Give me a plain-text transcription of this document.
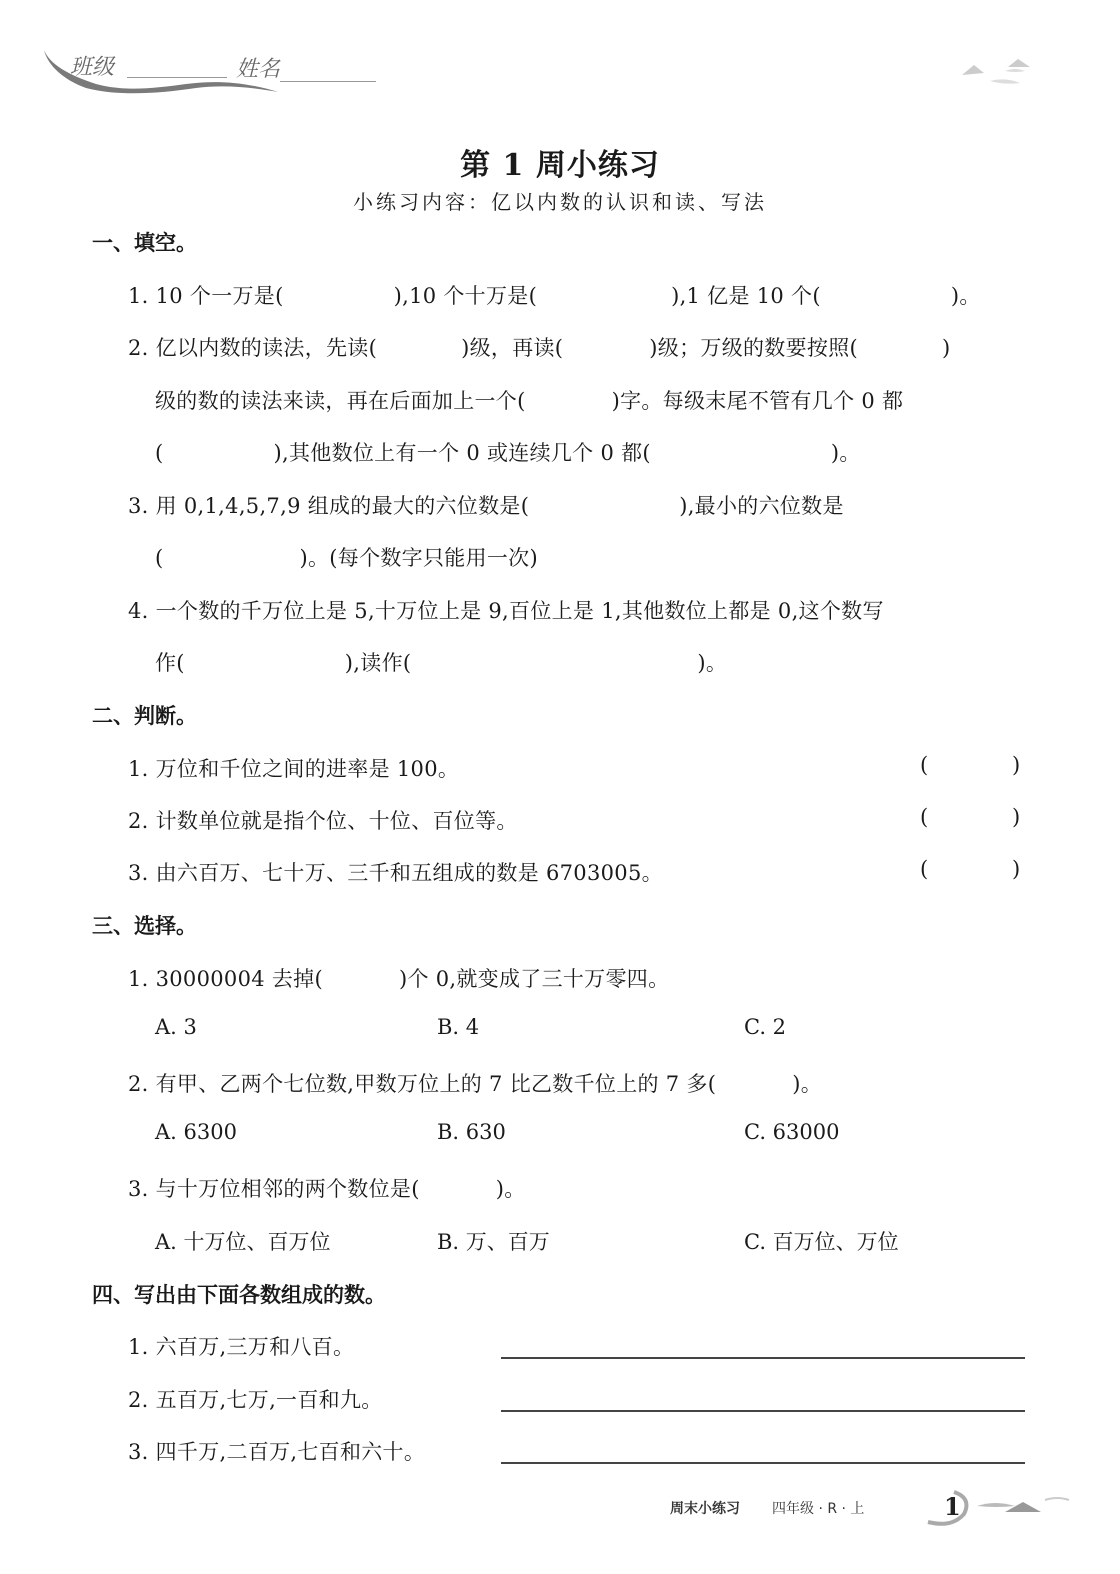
班级	姓名
第 1 周小练习
小练习内容：亿以内数的认识和读、写法
一、填空。
1. 10 个一万是(	),10 个十万是(	),1 亿是 10 个(	)。
2. 亿以内数的读法，先读(	)级，再读(	)级；万级的数要按照(	)
级的数的读法来读，再在后面加上一个(	)字。每级末尾不管有几个 0 都
(	),其他数位上有一个 0 或连续几个 0 都(	)。
3. 用 0,1,4,5,7,9 组成的最大的六位数是(	),最小的六位数是
(	)。(每个数字只能用一次)
4. 一个数的千万位上是 5,十万位上是 9,百位上是 1,其他数位上都是 0,这个数写
作(	),读作(	)。
二、判断。
1. 万位和千位之间的进率是 100。	(	)
2. 计数单位就是指个位、十位、百位等。	(	)
3. 由六百万、七十万、三千和五组成的数是 6703005。	(	)
三、选择。
1. 30000004 去掉(	)个 0,就变成了三十万零四。
A. 3	B. 4	C. 2
2. 有甲、乙两个七位数,甲数万位上的 7 比乙数千位上的 7 多(	)。
A. 6300	B. 630	C. 63000
3. 与十万位相邻的两个数位是(	)。
A. 十万位、百万位	B. 万、百万	C. 百万位、万位
四、写出由下面各数组成的数。
1. 六百万,三万和八百。
2. 五百万,七万,一百和九。
3. 四千万,二百万,七百和六十。
周末小练习 四年级 · R · 上	1
